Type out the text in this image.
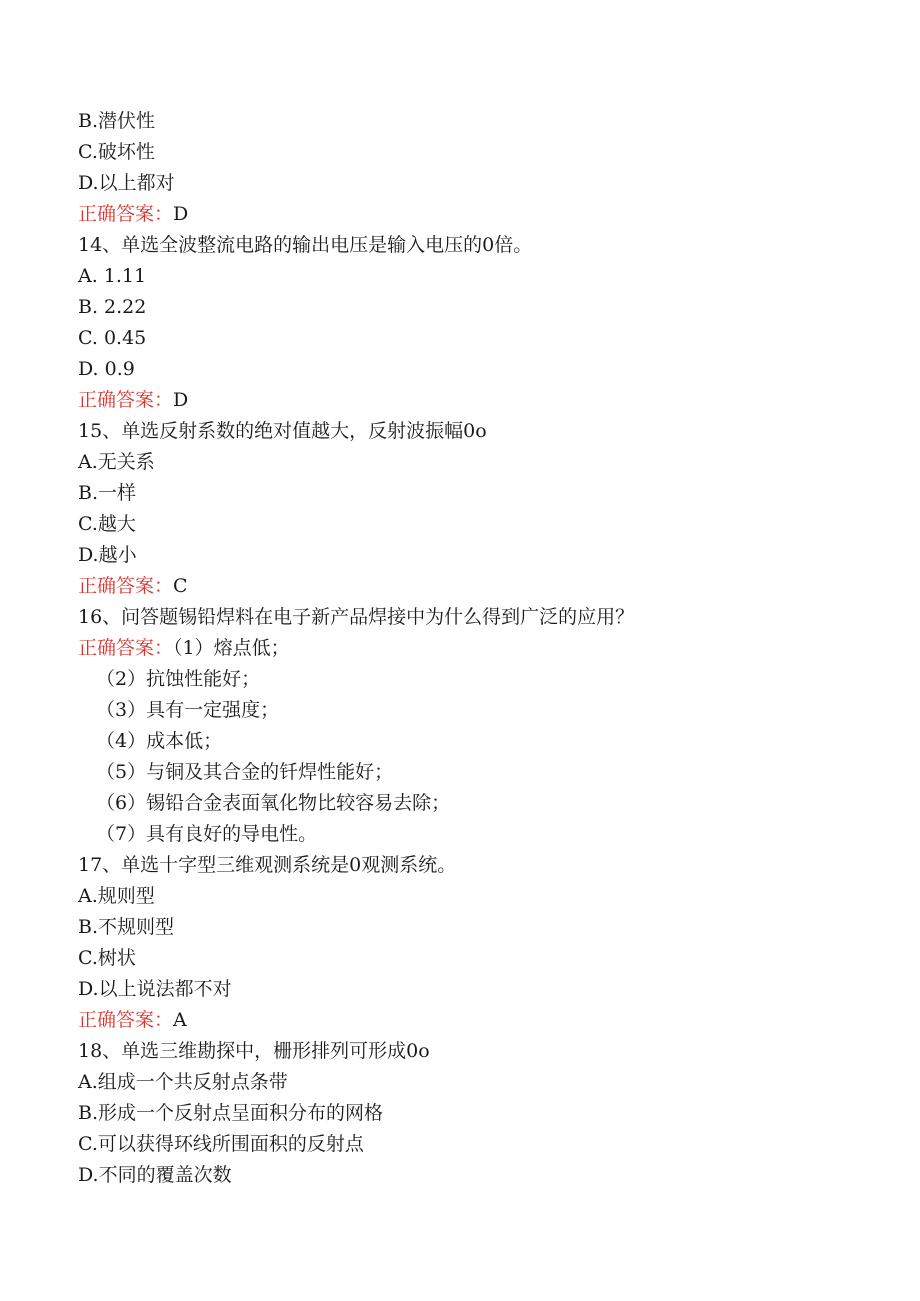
B.潜伏性
C.破坏性
D.以上都对
正确答案：D
14、单选全波整流电路的输出电压是输入电压的0倍。
A. 1.11
B. 2.22
C. 0.45
D. 0.9
正确答案：D
15、单选反射系数的绝对值越大，反射波振幅0o
A.无关系
B.一样
C.越大
D.越小
正确答案：C
16、问答题锡铅焊料在电子新产品焊接中为什么得到广泛的应用？
正确答案：（1）熔点低；
（2）抗蚀性能好；
（3）具有一定强度；
（4）成本低；
（5）与铜及其合金的钎焊性能好；
（6）锡铅合金表面氧化物比较容易去除；
（7）具有良好的导电性。
17、单选十字型三维观测系统是0观测系统。
A.规则型
B.不规则型
C.树状
D.以上说法都不对
正确答案：A
18、单选三维勘探中，栅形排列可形成0o
A.组成一个共反射点条带
B.形成一个反射点呈面积分布的网格
C.可以获得环线所围面积的反射点
D.不同的覆盖次数
